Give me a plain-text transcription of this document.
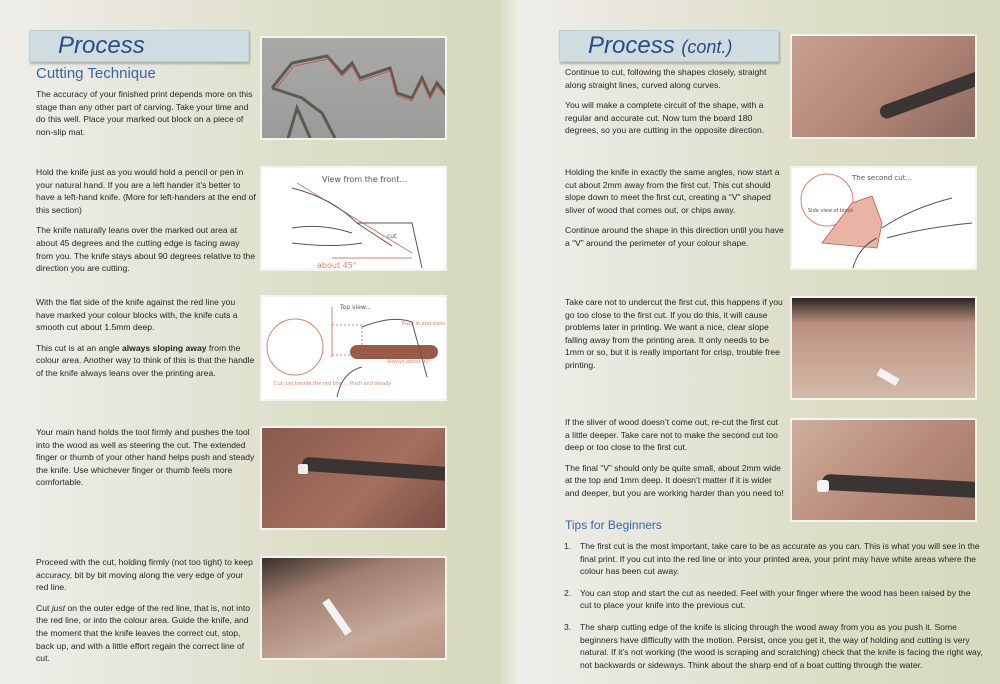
Process
Cutting Technique

The accuracy of your finished print depends more on this stage than any other part of carving. Take your time and do this well. Place your marked out block on a piece of non-slip mat.

Hold the knife just as you would hold a pencil or pen in your natural hand. If you are a left hander it’s better to have a left-hand knife. (More for left-handers at the end of this section)

The knife naturally leans over the marked out area at about 45 degrees and the cutting edge is facing away from you. The knife stays about 90 degrees relative to the direction you are cutting.

View from the front...
cut
about 45°

With the flat side of the knife against the red line you have marked your colour blocks with, the knife cuts a smooth cut about 1.5mm deep.

This cut is at an angle always sloping away from the colour area. Another way to think of this is that the handle of the knife always leans over the printing area.

Top view...
Push in and steer
Always about 90°
Cut just beside the red line... Push and steady

Your main hand holds the tool firmly and pushes the tool into the wood as well as steering the cut. The extended finger or thumb of your other hand helps push and steady the knife. Use whichever finger or thumb feels more comfortable.

Proceed with the cut, holding firmly (not too tight) to keep accuracy, bit by bit moving along the very edge of your red line.

Cut just on the outer edge of the red line, that is, not into the red line, or into the colour area. Guide the knife, and the moment that the knife leaves the correct cut, stop, back up, and with a little effort regain the correct line of cut.

Process (cont.)

Continue to cut, following the shapes closely, straight along straight lines, curved along curves.

You will make a complete circuit of the shape, with a regular and accurate cut. Now turn the board 180 degrees, so you are cutting in the opposite direction.

Holding the knife in exactly the same angles, now start a cut about 2mm away from the first cut. This cut should slope down to meet the first cut, creating a “V” shaped sliver of wood that comes out, or chips away.

Continue around the shape in this direction until you have a “V” around the perimeter of your colour shape.

The second cut...
Side view of block

Take care not to undercut the first cut, this happens if you go too close to the first cut. If you do this, it will cause problems later in printing. We want a nice, clear slope falling away from the printing area. It only needs to be 1mm or so, but it is really important for crisp, trouble free printing.

If the sliver of wood doesn’t come out, re-cut the first cut a little deeper. Take care not to make the second cut too deep or too close to the first cut.

The final “V” should only be quite small, about 2mm wide at the top and 1mm deep. It doesn’t matter if it is wider and deeper, but you are working harder than you need to!

Tips for Beginners
1. The first cut is the most important, take care to be as accurate as you can. This is what you will see in the final print. If you cut into the red line or into your printed area, your print may have white areas where the colour has been cut away.
2. You can stop and start the cut as needed. Feel with your finger where the wood has been raised by the cut to place your knife into the previous cut.
3. The sharp cutting edge of the knife is slicing through the wood away from you as you push it. Some beginners have difficulty with the motion. Persist, once you get it, the way of holding and cutting is very natural. If it’s not working (the wood is scraping and scratching) check that the knife is facing the right way, not backwards or sideways. Think about the sharp end of a boat cutting through the water.
